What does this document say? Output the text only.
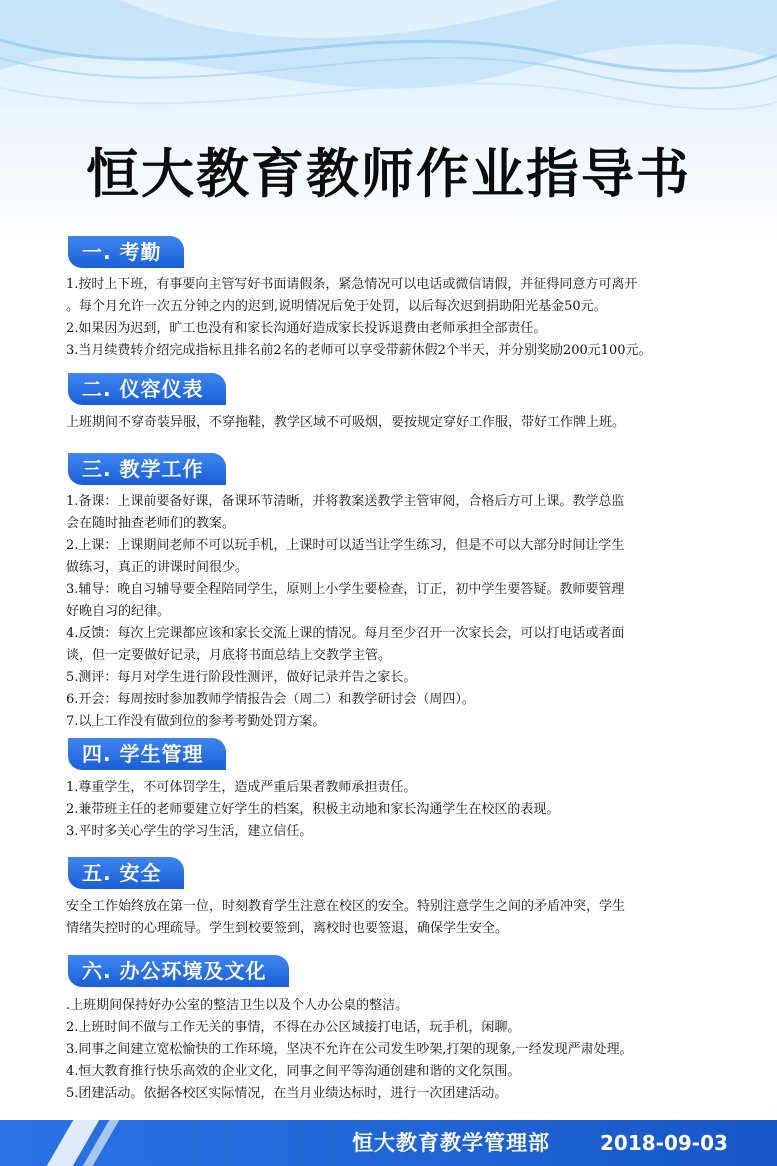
恒大教育教师作业指导书
一. 考勤

1.按时上下班，有事要向主管写好书面请假条，紧急情况可以电话或微信请假，并征得同意方可离开

。每个月允许一次五分钟之内的迟到,说明情况后免于处罚，以后每次迟到捐助阳光基金50元。

2.如果因为迟到，旷工也没有和家长沟通好造成家长投诉退费由老师承担全部责任。

3.当月续费转介绍完成指标且排名前2名的老师可以享受带薪休假2个半天，并分别奖励200元100元。

二. 仪容仪表

上班期间不穿奇装异服，不穿拖鞋，教学区域不可吸烟，要按规定穿好工作服，带好工作牌上班。

三. 教学工作

1.备课：上课前要备好课，备课环节清晰，并将教案送教学主管审阅，合格后方可上课。教学总监

会在随时抽查老师们的教案。

2.上课：上课期间老师不可以玩手机，上课时可以适当让学生练习，但是不可以大部分时间让学生

做练习，真正的讲课时间很少。

3.辅导：晚自习辅导要全程陪同学生，原则上小学生要检查，订正，初中学生要答疑。教师要管理

好晚自习的纪律。

4.反馈：每次上完课都应该和家长交流上课的情况。每月至少召开一次家长会，可以打电话或者面

谈，但一定要做好记录，月底将书面总结上交教学主管。

5.测评：每月对学生进行阶段性测评，做好记录并告之家长。

6.开会：每周按时参加教师学情报告会（周二）和教学研讨会（周四）。

7.以上工作没有做到位的参考考勤处罚方案。

四. 学生管理

1.尊重学生，不可体罚学生，造成严重后果者教师承担责任。

2.兼带班主任的老师要建立好学生的档案，积极主动地和家长沟通学生在校区的表现。

3.平时多关心学生的学习生活，建立信任。

五. 安全

安全工作始终放在第一位，时刻教育学生注意在校区的安全。特别注意学生之间的矛盾冲突，学生

情绪失控时的心理疏导。学生到校要签到，离校时也要签退，确保学生安全。

六. 办公环境及文化

.上班期间保持好办公室的整洁卫生以及个人办公桌的整洁。

2.上班时间不做与工作无关的事情，不得在办公区域接打电话，玩手机，闲聊。

3.同事之间建立宽松愉快的工作环境，坚决不允许在公司发生吵架,打架的现象,一经发现严肃处理。

4.恒大教育推行快乐高效的企业文化，同事之间平等沟通创建和谐的文化氛围。

5.团建活动。依据各校区实际情况，在当月业绩达标时，进行一次团建活动。

恒大教育教学管理部	2018-09-03
